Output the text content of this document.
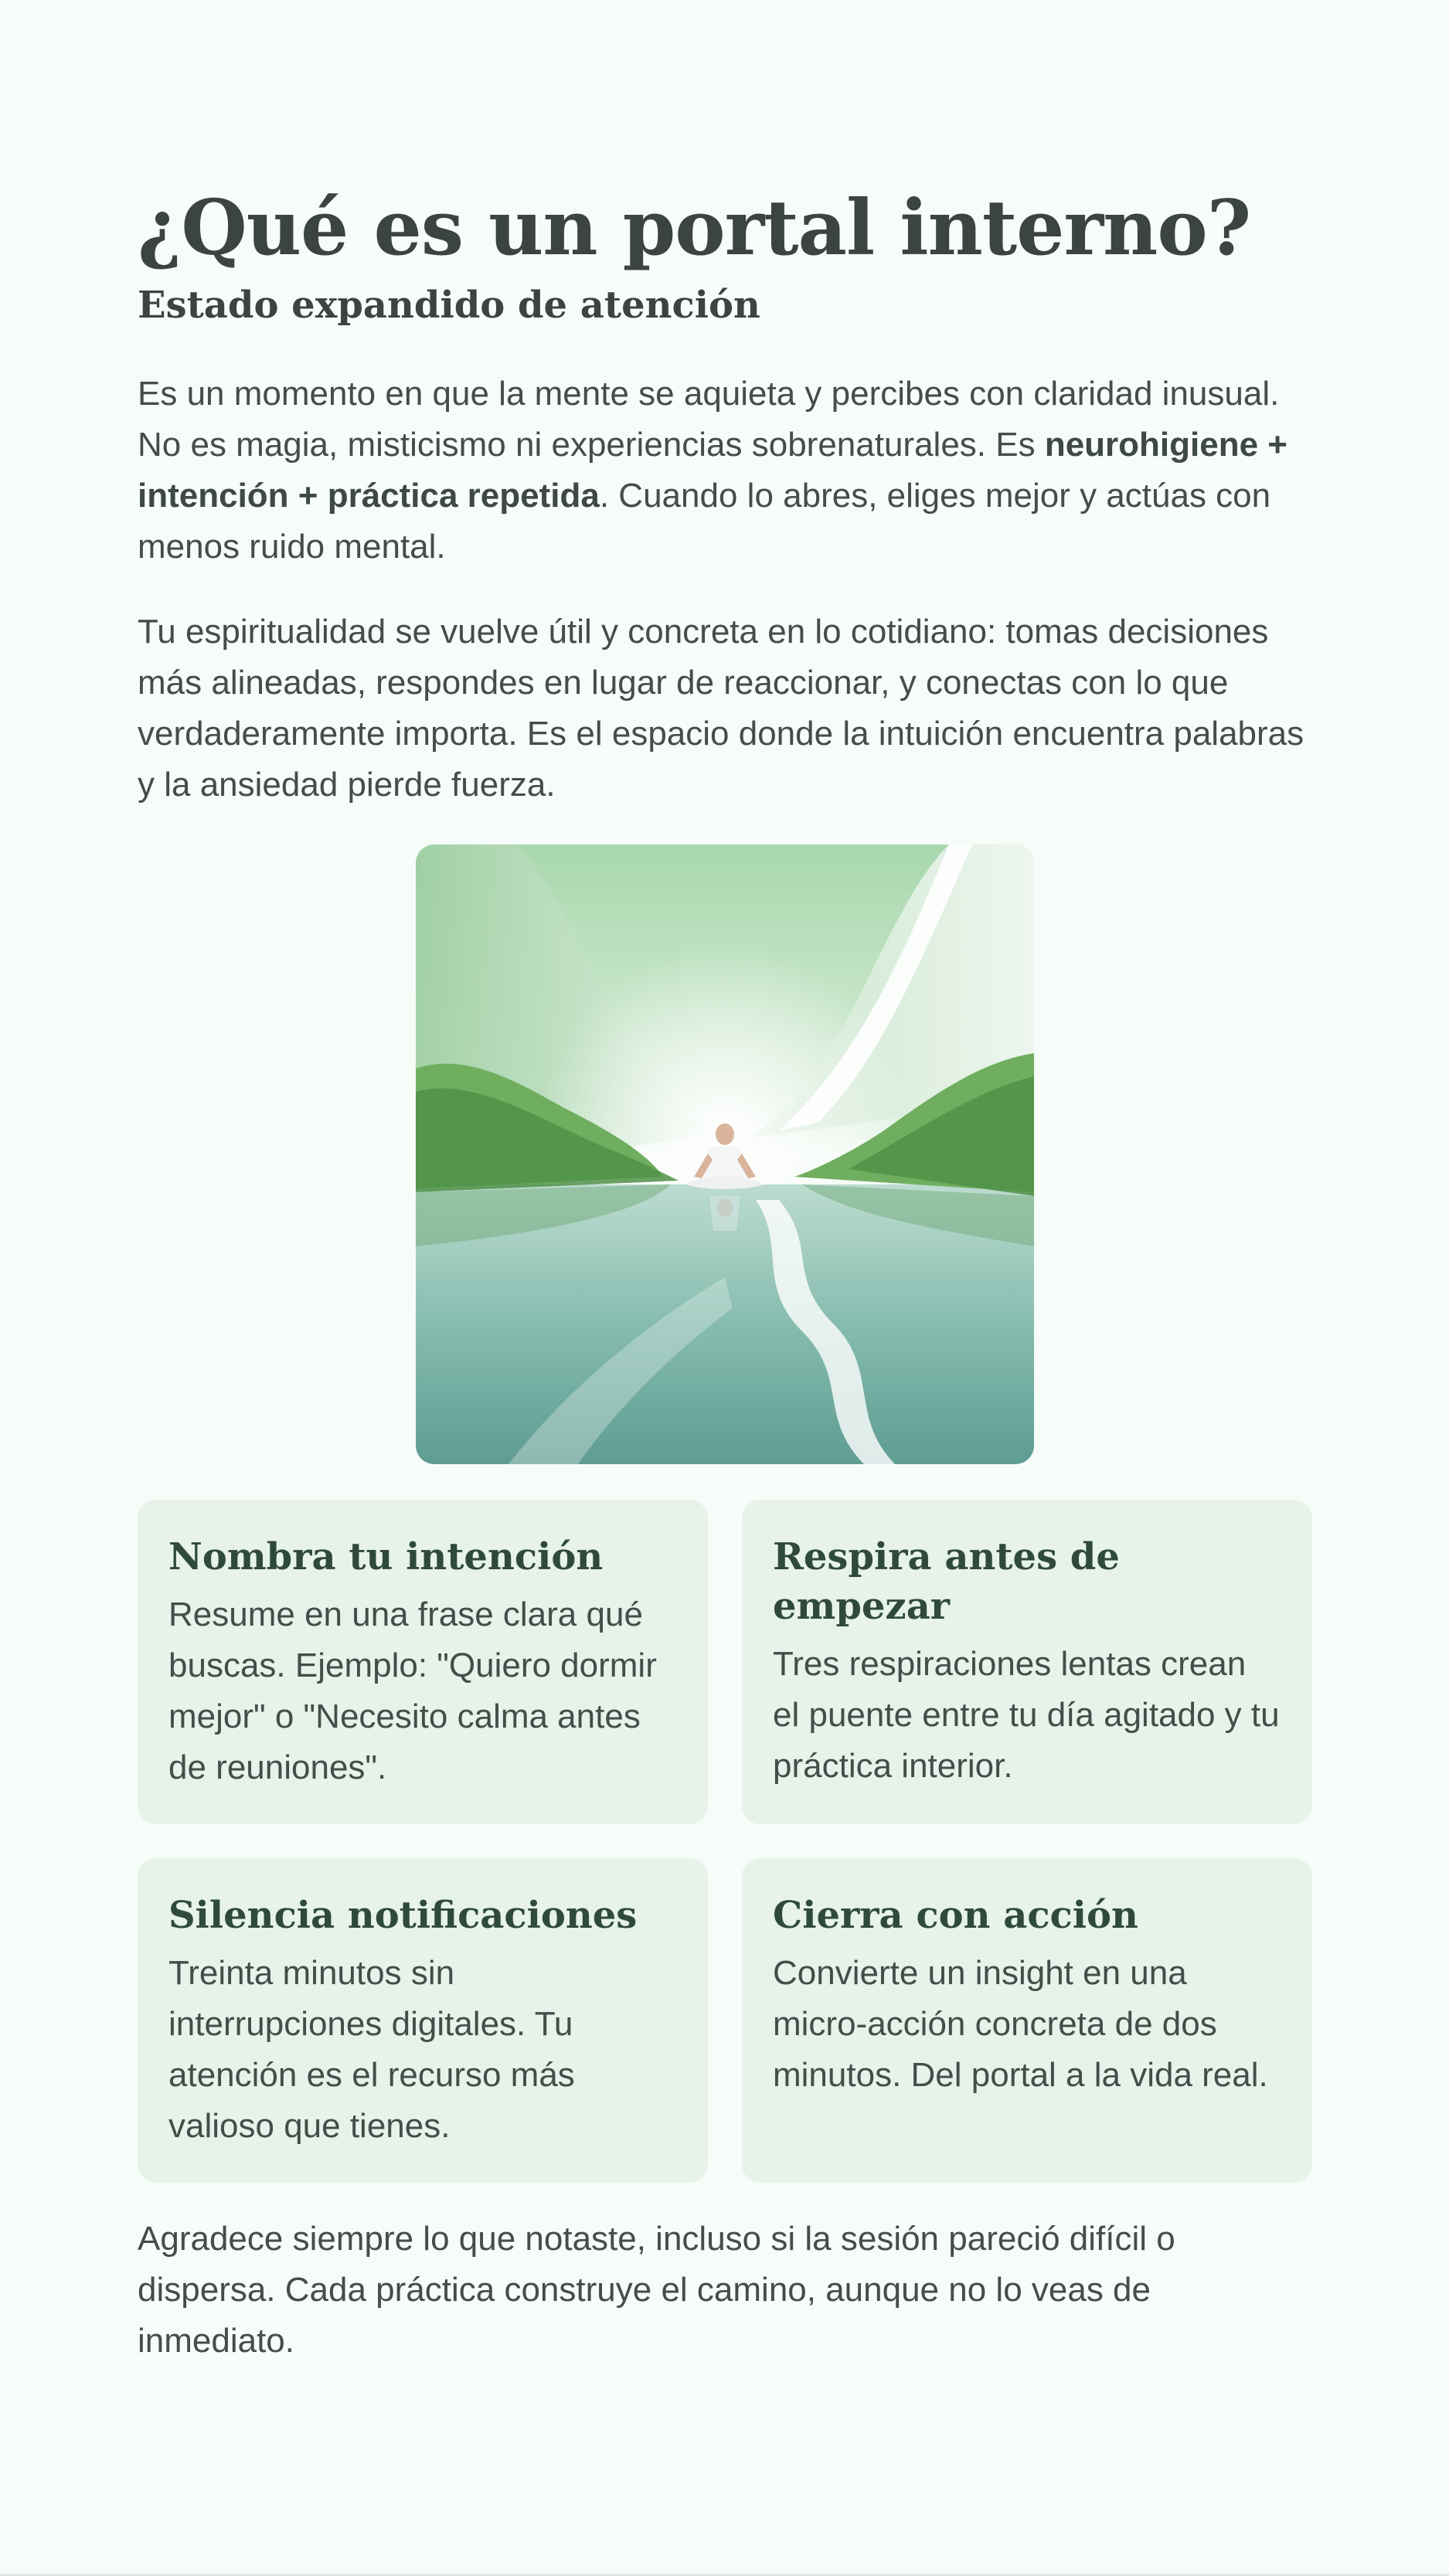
¿Qué es un portal interno?
Estado expandido de atención

Es un momento en que la mente se aquieta y percibes con claridad inusual. No es magia, misticismo ni experiencias sobrenaturales. Es neurohigiene + intención + práctica repetida. Cuando lo abres, eliges mejor y actúas con menos ruido mental.

Tu espiritualidad se vuelve útil y concreta en lo cotidiano: tomas decisiones más alineadas, respondes en lugar de reaccionar, y conectas con lo que verdaderamente importa. Es el espacio donde la intuición encuentra palabras y la ansiedad pierde fuerza.

Nombra tu intención

Resume en una frase clara qué buscas. Ejemplo: "Quiero dormir mejor" o "Necesito calma antes de reuniones".

Respira antes de empezar

Tres respiraciones lentas crean el puente entre tu día agitado y tu práctica interior.

Silencia notificaciones

Treinta minutos sin interrupciones digitales. Tu atención es el recurso más valioso que tienes.

Cierra con acción

Convierte un insight en una micro-acción concreta de dos minutos. Del portal a la vida real.

Agradece siempre lo que notaste, incluso si la sesión pareció difícil o dispersa. Cada práctica construye el camino, aunque no lo veas de inmediato.
